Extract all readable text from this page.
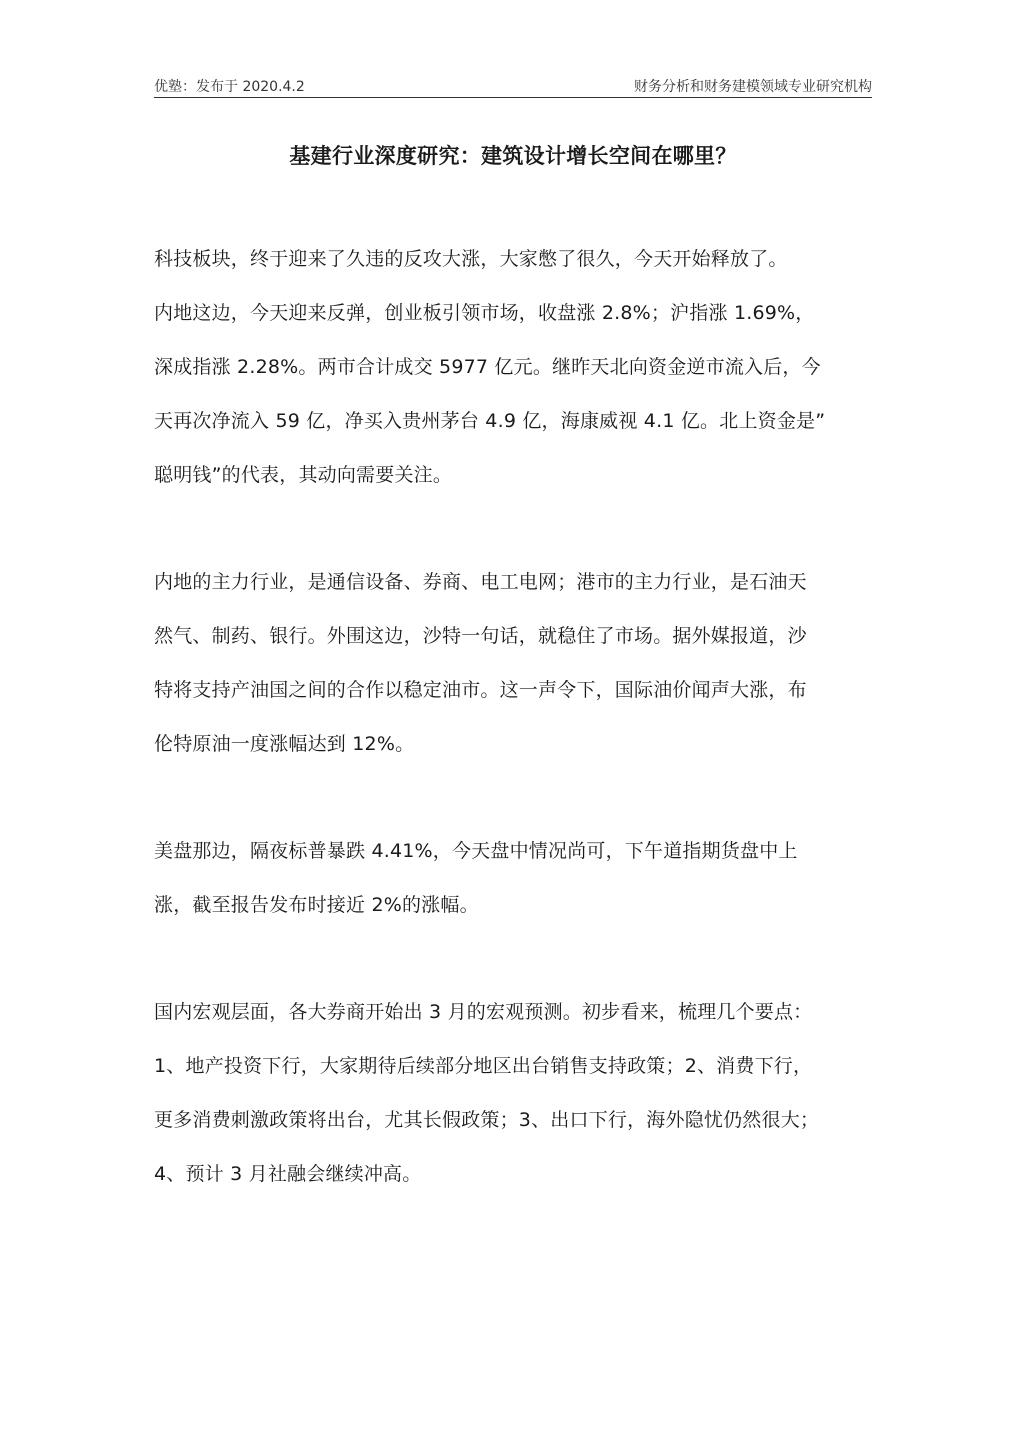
优塾：发布于 2020.4.2	财务分析和财务建模领域专业研究机构
基建行业深度研究：建筑设计增长空间在哪里？
科技板块，终于迎来了久违的反攻大涨，大家憋了很久，今天开始释放了。
内地这边，今天迎来反弹，创业板引领市场，收盘涨 2.8%；沪指涨 1.69%，
深成指涨 2.28%。两市合计成交 5977 亿元。继昨天北向资金逆市流入后，今
天再次净流入 59 亿，净买入贵州茅台 4.9 亿，海康威视 4.1 亿。北上资金是”
聪明钱”的代表，其动向需要关注。
内地的主力行业，是通信设备、券商、电工电网；港市的主力行业，是石油天
然气、制药、银行。外围这边，沙特一句话，就稳住了市场。据外媒报道，沙
特将支持产油国之间的合作以稳定油市。这一声令下，国际油价闻声大涨，布
伦特原油一度涨幅达到 12%。
美盘那边，隔夜标普暴跌 4.41%，今天盘中情况尚可，下午道指期货盘中上
涨，截至报告发布时接近 2%的涨幅。
国内宏观层面，各大券商开始出 3 月的宏观预测。初步看来，梳理几个要点：
1、地产投资下行，大家期待后续部分地区出台销售支持政策；2、消费下行，
更多消费刺激政策将出台，尤其长假政策；3、出口下行，海外隐忧仍然很大；
4、预计 3 月社融会继续冲高。
